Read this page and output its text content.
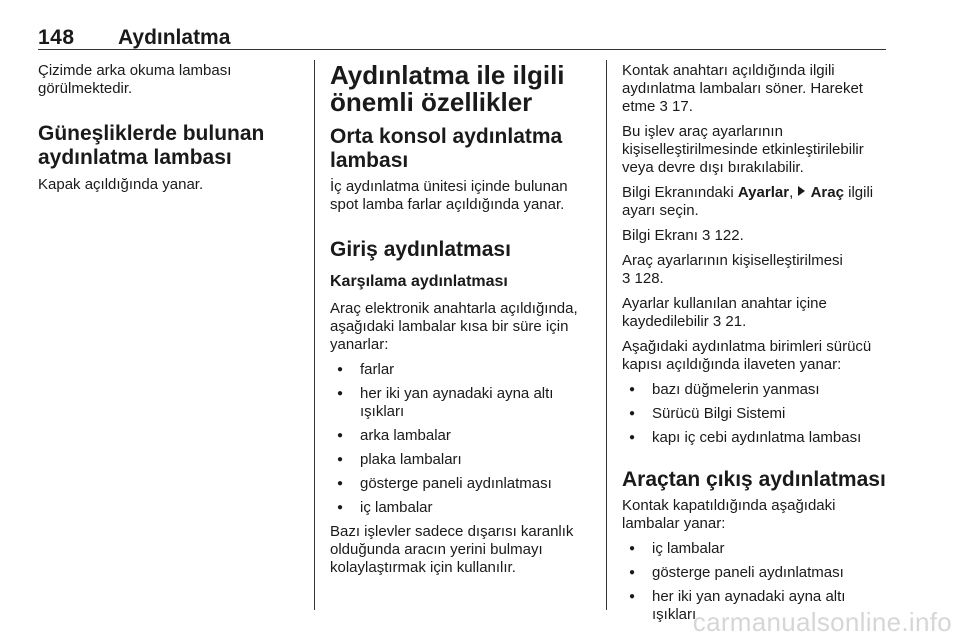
148 Aydınlatma

Çizimde arka okuma lambası görülmektedir.

Güneşliklerde bulunan aydınlatma lambası

Kapak açıldığında yanar.

Aydınlatma ile ilgili önemli özellikler
Orta konsol aydınlatma lambası

İç aydınlatma ünitesi içinde bulunan spot lamba farlar açıldığında yanar.

Giriş aydınlatması
Karşılama aydınlatması

Araç elektronik anahtarla açıldığında, aşağıdaki lambalar kısa bir süre için yanarlar:

● farlar

● her iki yan aynadaki ayna altı ışıkları

● arka lambalar

● plaka lambaları

● gösterge paneli aydınlatması

● iç lambalar

Bazı işlevler sadece dışarısı karanlık olduğunda aracın yerini bulmayı kolaylaştırmak için kullanılır.

Kontak anahtarı açıldığında ilgili aydınlatma lambaları söner. Hareket etme 3 17.

Bu işlev araç ayarlarının kişiselleştirilmesinde etkinleştirilebilir veya devre dışı bırakılabilir.

Bilgi Ekranındaki Ayarlar, Araç ilgili ayarı seçin.

Bilgi Ekranı 3 122.

Araç ayarlarının kişiselleştirilmesi
3 128.

Ayarlar kullanılan anahtar içine kaydedilebilir 3 21.

Aşağıdaki aydınlatma birimleri sürücü kapısı açıldığında ilaveten yanar:

● bazı düğmelerin yanması

● Sürücü Bilgi Sistemi

● kapı iç cebi aydınlatma lambası

Araçtan çıkış aydınlatması

Kontak kapatıldığında aşağıdaki lambalar yanar:

● iç lambalar

● gösterge paneli aydınlatması

● her iki yan aynadaki ayna altı ışıkları

carmanualsonline.info
